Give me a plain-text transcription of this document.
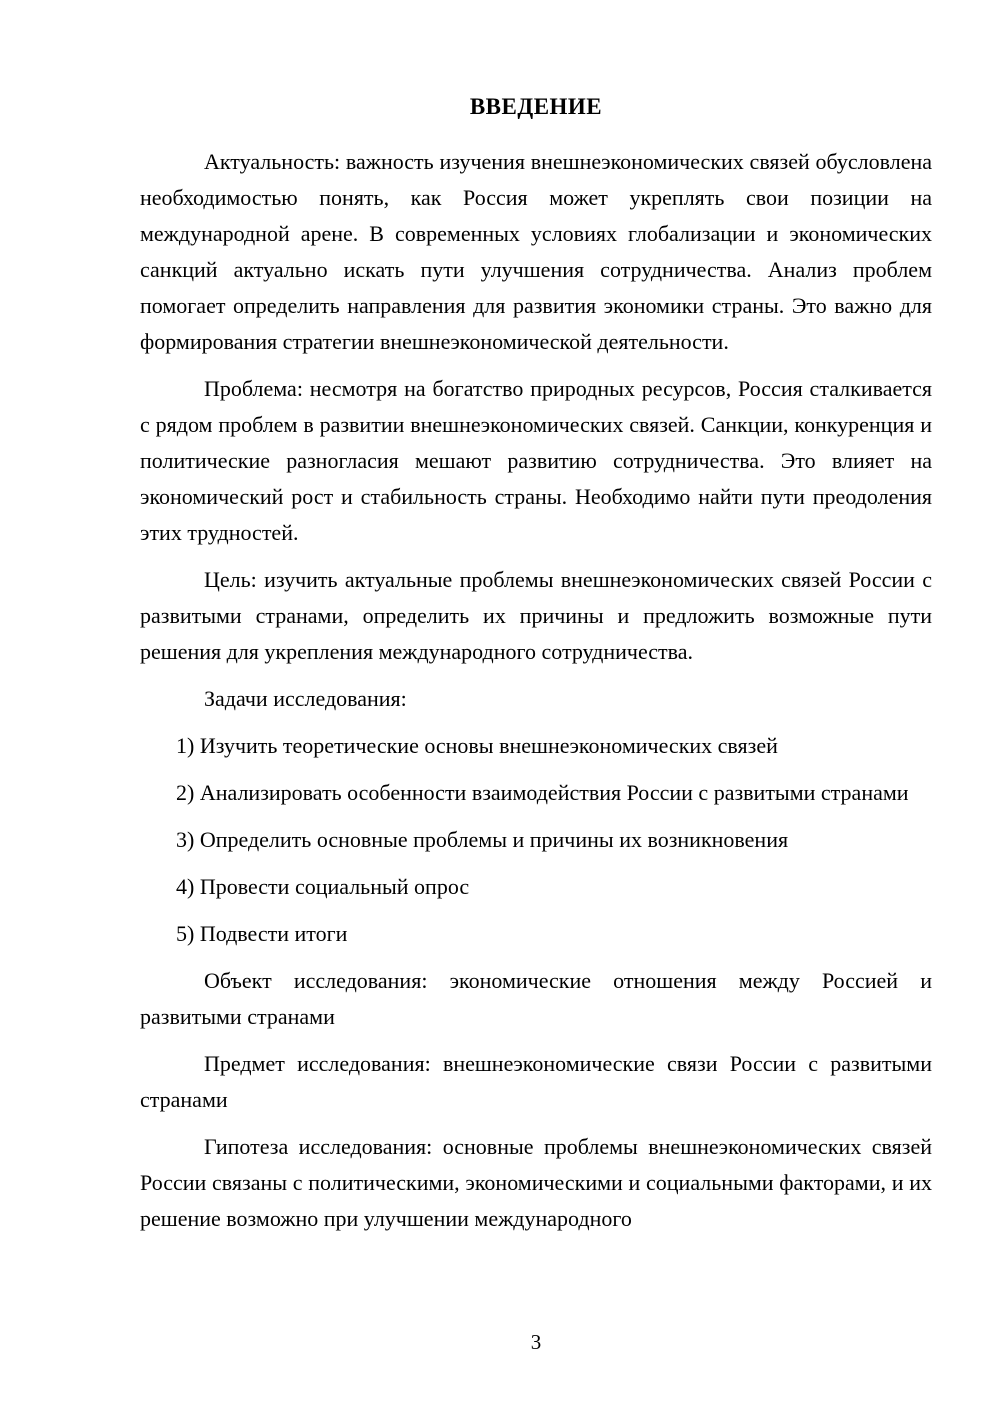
ВВЕДЕНИЕ

Актуальность: важность изучения внешнеэкономических связей обусловлена необходимостью понять, как Россия может укреплять свои позиции на международной арене. В современных условиях глобализации и экономических санкций актуально искать пути улучшения сотрудничества. Анализ проблем помогает определить направления для развития экономики страны. Это важно для формирования стратегии внешнеэкономической деятельности.

Проблема: несмотря на богатство природных ресурсов, Россия сталкивается с рядом проблем в развитии внешнеэкономических связей. Санкции, конкуренция и политические разногласия мешают развитию сотрудничества. Это влияет на экономический рост и стабильность страны. Необходимо найти пути преодоления этих трудностей.

Цель: изучить актуальные проблемы внешнеэкономических связей России с развитыми странами, определить их причины и предложить возможные пути решения для укрепления международного сотрудничества.

Задачи исследования:

1) Изучить теоретические основы внешнеэкономических связей

2) Анализировать особенности взаимодействия России с развитыми странами

3) Определить основные проблемы и причины их возникновения

4) Провести социальный опрос

5) Подвести итоги

Объект исследования: экономические отношения между Россией и развитыми странами

Предмет исследования: внешнеэкономические связи России с развитыми странами

Гипотеза исследования: основные проблемы внешнеэкономических связей России связаны с политическими, экономическими и социальными факторами, и их решение возможно при улучшении международного

3
